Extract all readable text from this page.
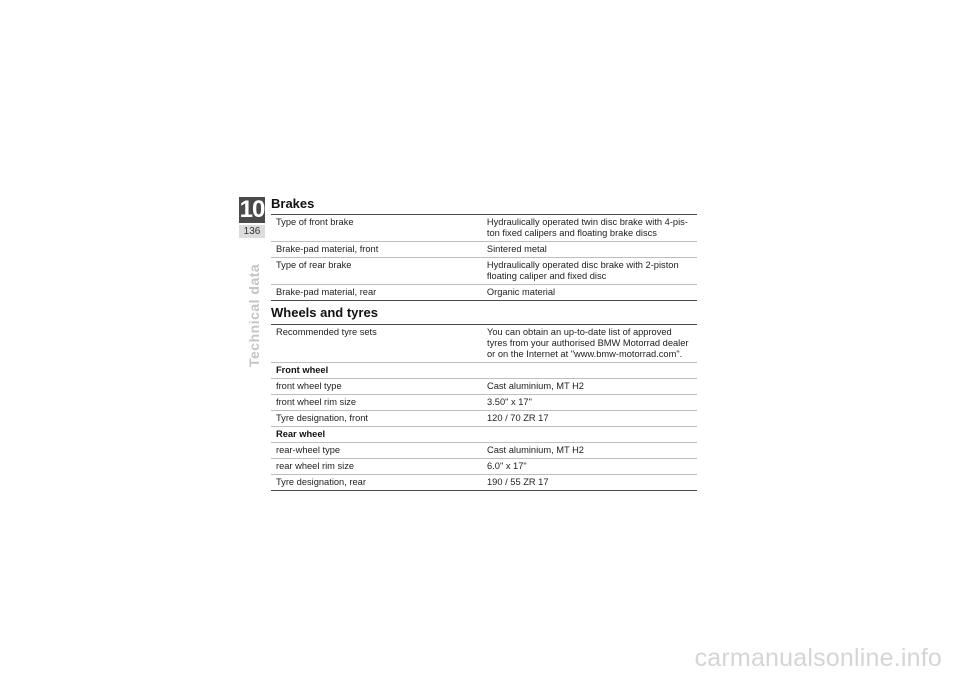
10
136
Technical data
Brakes
Type of front brake	Hydraulically operated twin disc brake with 4-pis-
ton fixed calipers and floating brake discs
Brake-pad material, front	Sintered metal
Type of rear brake	Hydraulically operated disc brake with 2-piston
floating caliper and fixed disc
Brake-pad material, rear	Organic material
Wheels and tyres
Recommended tyre sets	You can obtain an up-to-date list of approved
tyres from your authorised BMW Motorrad dealer
or on the Internet at "www.bmw-motorrad.com".
Front wheel	
front wheel type	Cast aluminium, MT H2
front wheel rim size	3.50" x 17"
Tyre designation, front	120 / 70 ZR 17
Rear wheel	
rear-wheel type	Cast aluminium, MT H2
rear wheel rim size	6.0" x 17"
Tyre designation, rear	190 / 55 ZR 17
carmanualsonline.info
